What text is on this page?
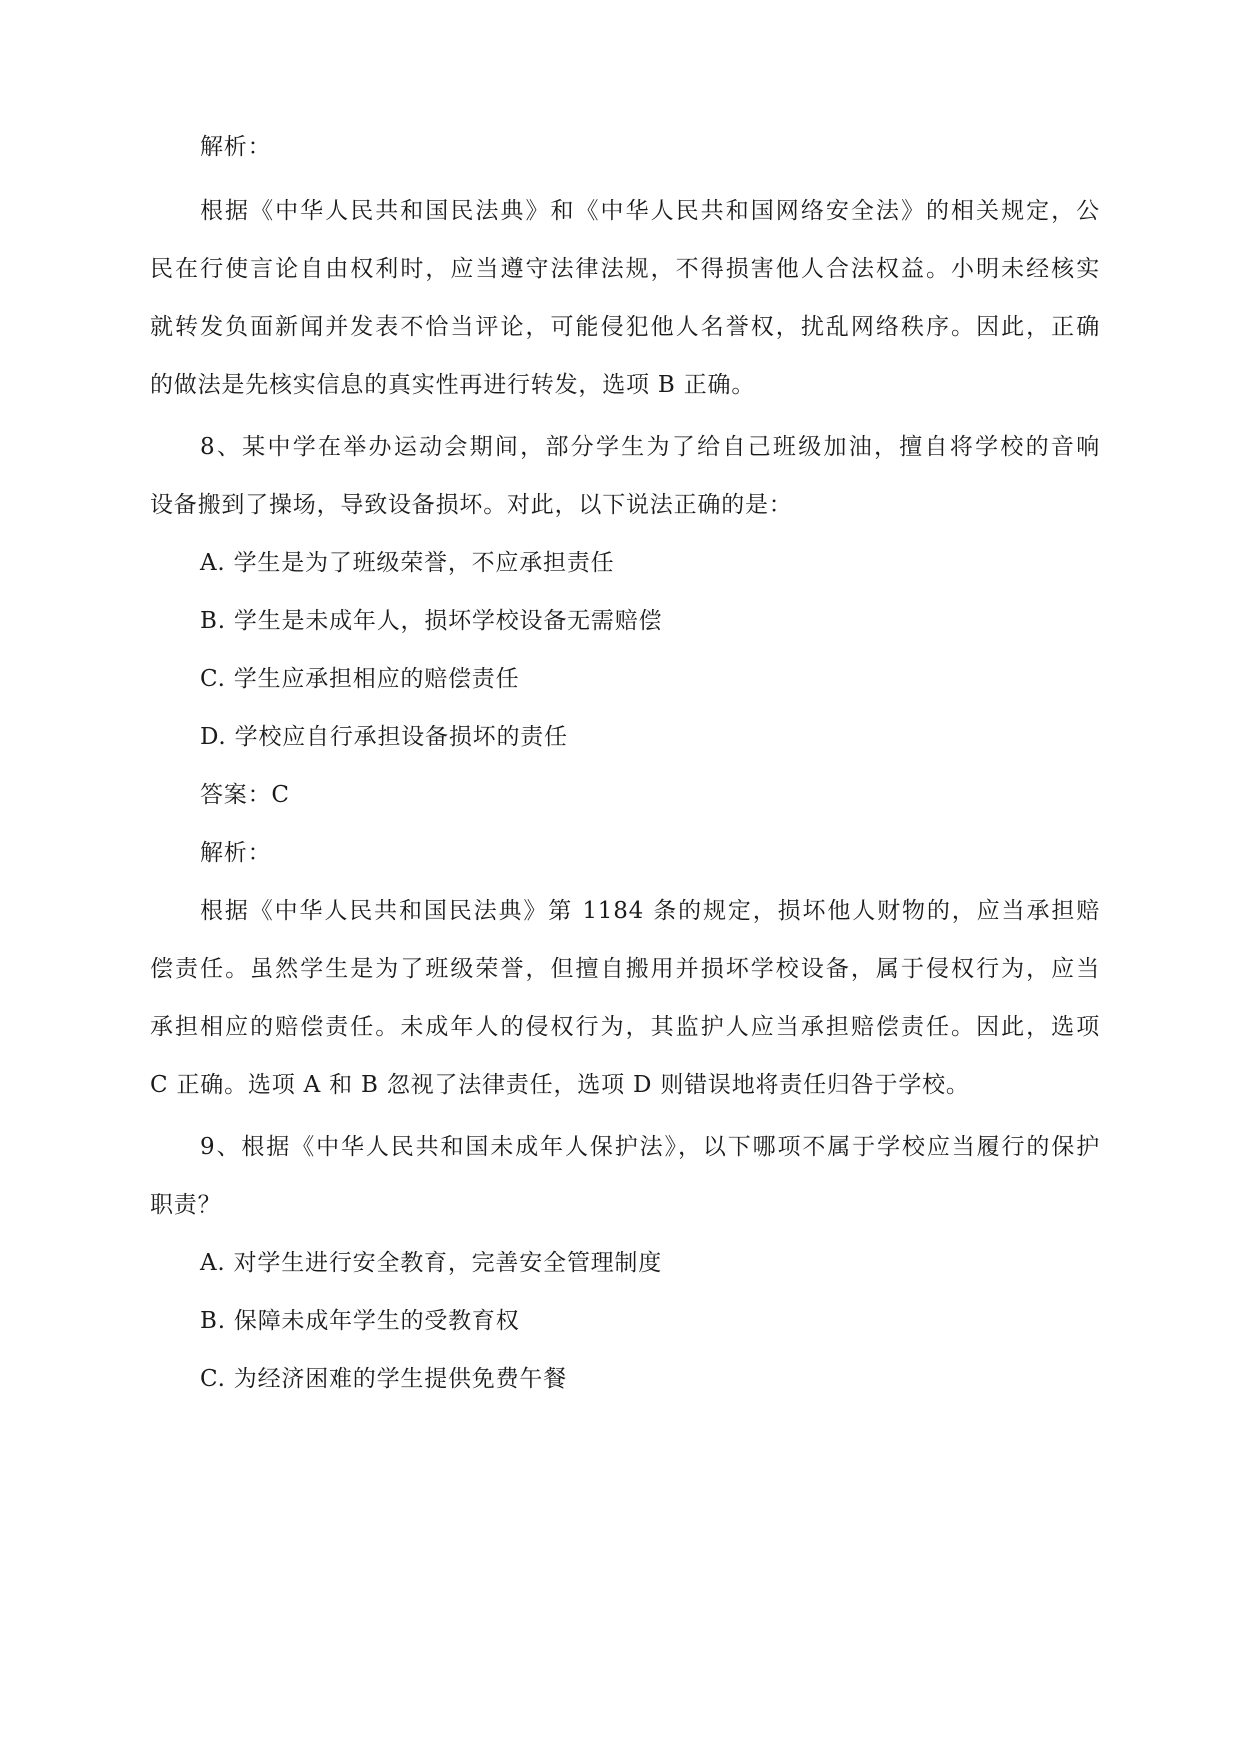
解析：
根据《中华人民共和国民法典》和《中华人民共和国网络安全法》的相关规定，公
民在行使言论自由权利时，应当遵守法律法规，不得损害他人合法权益。小明未经核实
就转发负面新闻并发表不恰当评论，可能侵犯他人名誉权，扰乱网络秩序。因此，正确
的做法是先核实信息的真实性再进行转发，选项 B 正确。
8、某中学在举办运动会期间，部分学生为了给自己班级加油，擅自将学校的音响
设备搬到了操场，导致设备损坏。对此，以下说法正确的是：
A. 学生是为了班级荣誉，不应承担责任
B. 学生是未成年人，损坏学校设备无需赔偿
C. 学生应承担相应的赔偿责任
D. 学校应自行承担设备损坏的责任
答案：C
解析：
根据《中华人民共和国民法典》第 1184 条的规定，损坏他人财物的，应当承担赔
偿责任。虽然学生是为了班级荣誉，但擅自搬用并损坏学校设备，属于侵权行为，应当
承担相应的赔偿责任。未成年人的侵权行为，其监护人应当承担赔偿责任。因此，选项
C 正确。选项 A 和 B 忽视了法律责任，选项 D 则错误地将责任归咎于学校。
9、根据《中华人民共和国未成年人保护法》，以下哪项不属于学校应当履行的保护
职责？
A. 对学生进行安全教育，完善安全管理制度
B. 保障未成年学生的受教育权
C. 为经济困难的学生提供免费午餐
